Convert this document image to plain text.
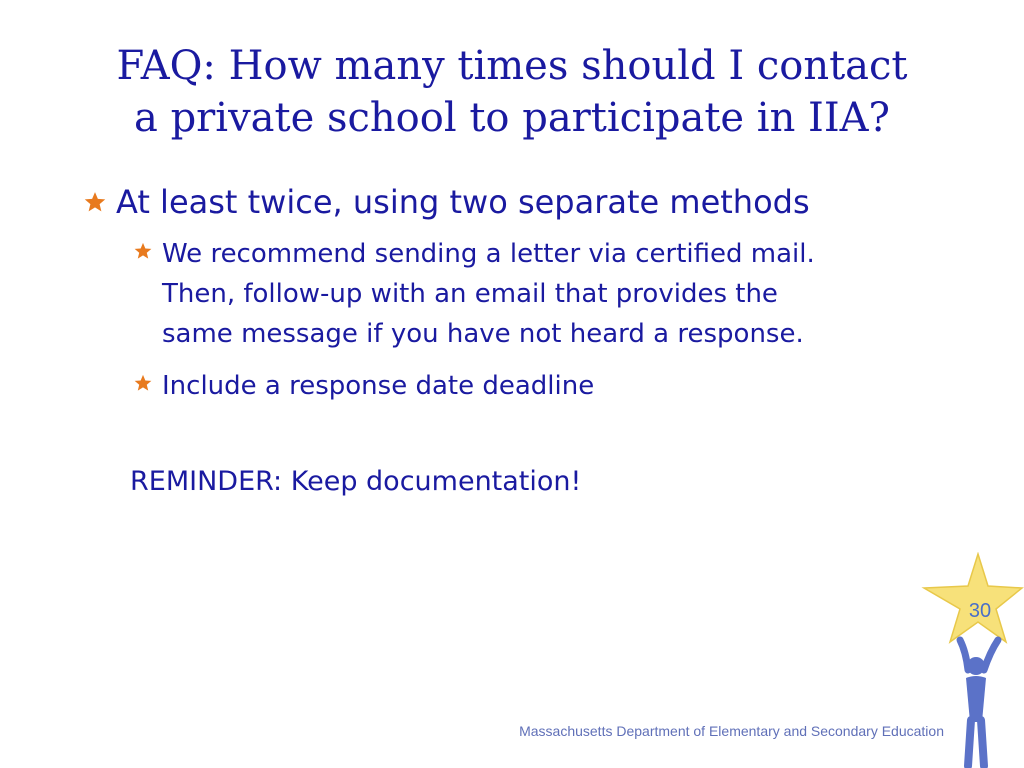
FAQ: How many times should I contact
a private school to participate in IIA?
At least twice, using two separate methods
We recommend sending a letter via certified mail.
Then, follow-up with an email that provides the
same message if you have not heard a response.
Include a response date deadline
REMINDER: Keep documentation!
Massachusetts Department of Elementary and Secondary Education
30
